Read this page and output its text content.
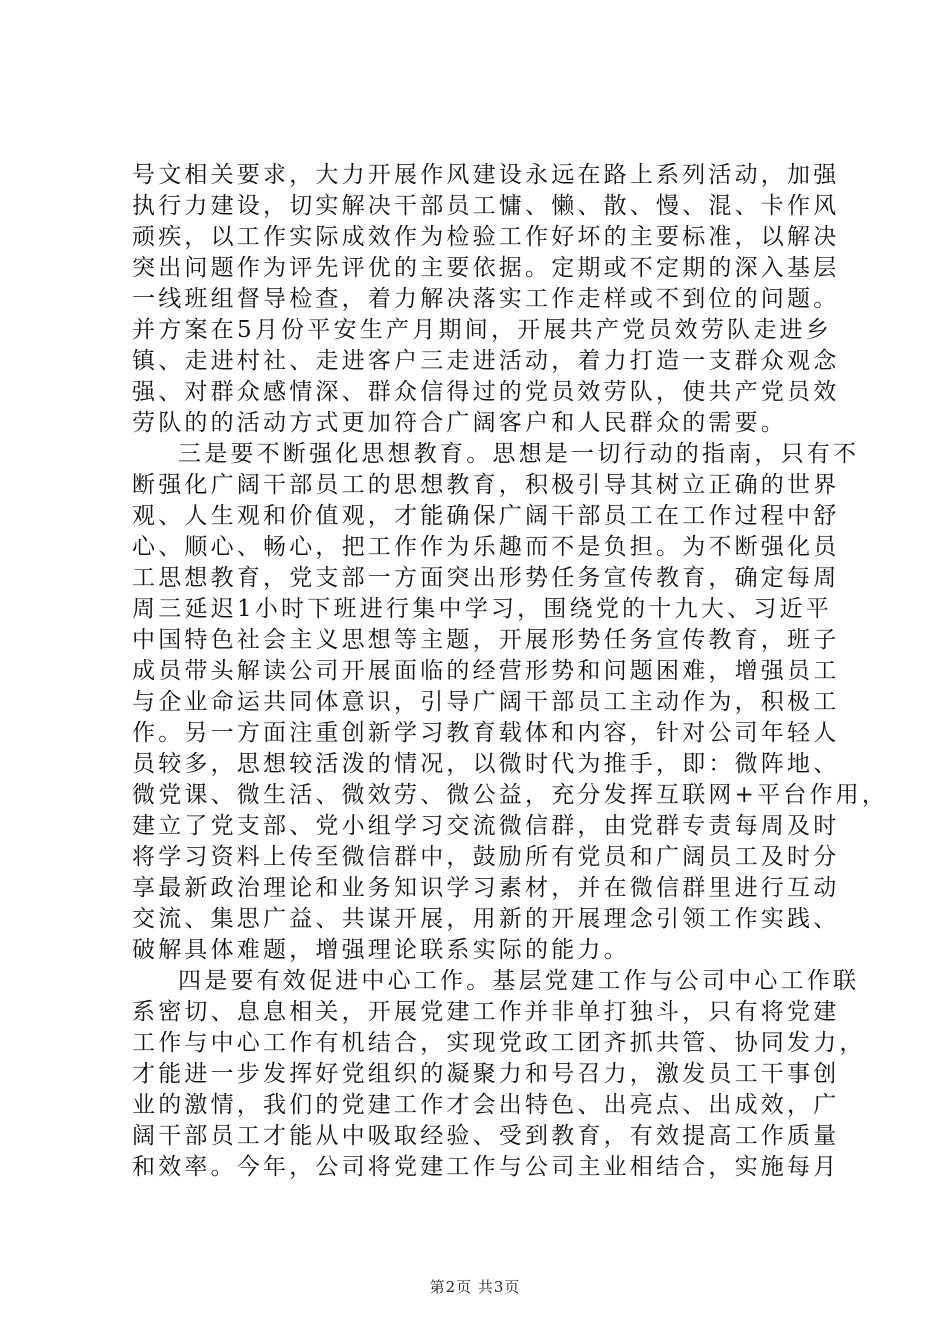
号文相关要求，大力开展作风建设永远在路上系列活动，加强
执行力建设，切实解决干部员工慵、懒、散、慢、混、卡作风
顽疾，以工作实际成效作为检验工作好坏的主要标准，以解决
突出问题作为评先评优的主要依据。定期或不定期的深入基层
一线班组督导检查，着力解决落实工作走样或不到位的问题。
并方案在5月份平安生产月期间，开展共产党员效劳队走进乡
镇、走进村社、走进客户三走进活动，着力打造一支群众观念
强、对群众感情深、群众信得过的党员效劳队，使共产党员效
劳队的的活动方式更加符合广阔客户和人民群众的需要。
三是要不断强化思想教育。思想是一切行动的指南，只有不
断强化广阔干部员工的思想教育，积极引导其树立正确的世界
观、人生观和价值观，才能确保广阔干部员工在工作过程中舒
心、顺心、畅心，把工作作为乐趣而不是负担。为不断强化员
工思想教育，党支部一方面突出形势任务宣传教育，确定每周
周三延迟1小时下班进行集中学习，围绕党的十九大、习近平
中国特色社会主义思想等主题，开展形势任务宣传教育，班子
成员带头解读公司开展面临的经营形势和问题困难，增强员工
与企业命运共同体意识，引导广阔干部员工主动作为，积极工
作。另一方面注重创新学习教育载体和内容，针对公司年轻人
员较多，思想较活泼的情况，以微时代为推手，即：微阵地、
微党课、微生活、微效劳、微公益，充分发挥互联网+平台作用，
建立了党支部、党小组学习交流微信群，由党群专责每周及时
将学习资料上传至微信群中，鼓励所有党员和广阔员工及时分
享最新政治理论和业务知识学习素材，并在微信群里进行互动
交流、集思广益、共谋开展，用新的开展理念引领工作实践、
破解具体难题，增强理论联系实际的能力。
四是要有效促进中心工作。基层党建工作与公司中心工作联
系密切、息息相关，开展党建工作并非单打独斗，只有将党建
工作与中心工作有机结合，实现党政工团齐抓共管、协同发力，
才能进一步发挥好党组织的凝聚力和号召力，激发员工干事创
业的激情，我们的党建工作才会出特色、出亮点、出成效，广
阔干部员工才能从中吸取经验、受到教育，有效提高工作质量
和效率。今年，公司将党建工作与公司主业相结合，实施每月
第2页 共3页
